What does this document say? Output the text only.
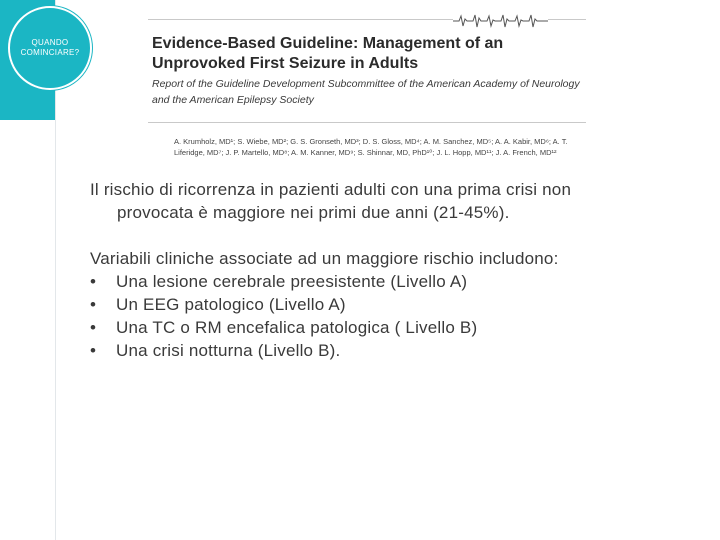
QUANDO
COMINCIARE?
Evidence-Based Guideline: Management of an Unprovoked First Seizure in Adults
Report of the Guideline Development Subcommittee of the American Academy of Neurology and the American Epilepsy Society
A. Krumholz, MD¹; S. Wiebe, MD²; G. S. Gronseth, MD³; D. S. Gloss, MD⁴; A. M. Sanchez, MD⁵; A. A. Kabir, MD⁶; A. T. Liferidge, MD⁷; J. P. Martello, MD⁸; A. M. Kanner, MD⁹; S. Shinnar, MD, PhD¹⁰; J. L. Hopp, MD¹¹; J. A. French, MD¹²
Il rischio di ricorrenza in pazienti adulti con una prima crisi non
provocata è maggiore nei primi due anni (21-45%).
Variabili cliniche associate ad un maggiore rischio includono:
•	Una lesione cerebrale preesistente (Livello A)
•	Un EEG patologico (Livello A)
•	Una TC o RM encefalica patologica ( Livello B)
•	Una crisi notturna (Livello B).
